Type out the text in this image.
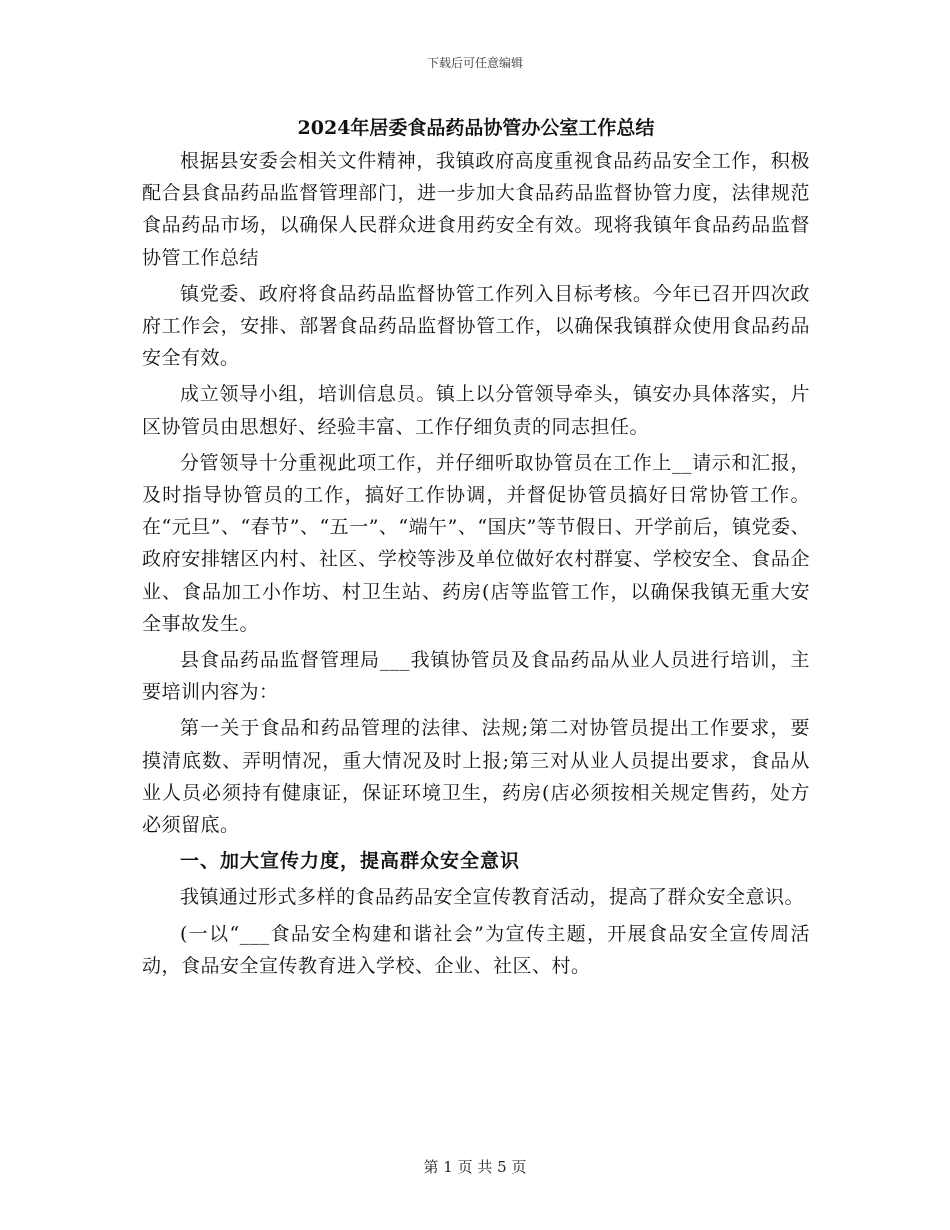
下载后可任意编辑
2024年居委食品药品协管办公室工作总结

根据县安委会相关文件精神，我镇政府高度重视食品药品安全工作，积极配合县食品药品监督管理部门，进一步加大食品药品监督协管力度，法律规范食品药品市场，以确保人民群众进食用药安全有效。现将我镇年食品药品监督协管工作总结

镇党委、政府将食品药品监督协管工作列入目标考核。今年已召开四次政府工作会，安排、部署食品药品监督协管工作，以确保我镇群众使用食品药品安全有效。

成立领导小组，培训信息员。镇上以分管领导牵头，镇安办具体落实，片区协管员由思想好、经验丰富、工作仔细负责的同志担任。

分管领导十分重视此项工作，并仔细听取协管员在工作上__请示和汇报，及时指导协管员的工作，搞好工作协调，并督促协管员搞好日常协管工作。在“元旦”、“春节”、“五一”、“端午”、“国庆”等节假日、开学前后，镇党委、政府安排辖区内村、社区、学校等涉及单位做好农村群宴、学校安全、食品企业、食品加工小作坊、村卫生站、药房(店等监管工作，以确保我镇无重大安全事故发生。

县食品药品监督管理局___我镇协管员及食品药品从业人员进行培训，主要培训内容为：

第一关于食品和药品管理的法律、法规;第二对协管员提出工作要求，要摸清底数、弄明情况，重大情况及时上报;第三对从业人员提出要求，食品从业人员必须持有健康证，保证环境卫生，药房(店必须按相关规定售药，处方必须留底。

一、加大宣传力度，提高群众安全意识

我镇通过形式多样的食品药品安全宣传教育活动，提高了群众安全意识。

(一以“___食品安全构建和谐社会”为宣传主题，开展食品安全宣传周活动，食品安全宣传教育进入学校、企业、社区、村。

第 1 页 共 5 页
